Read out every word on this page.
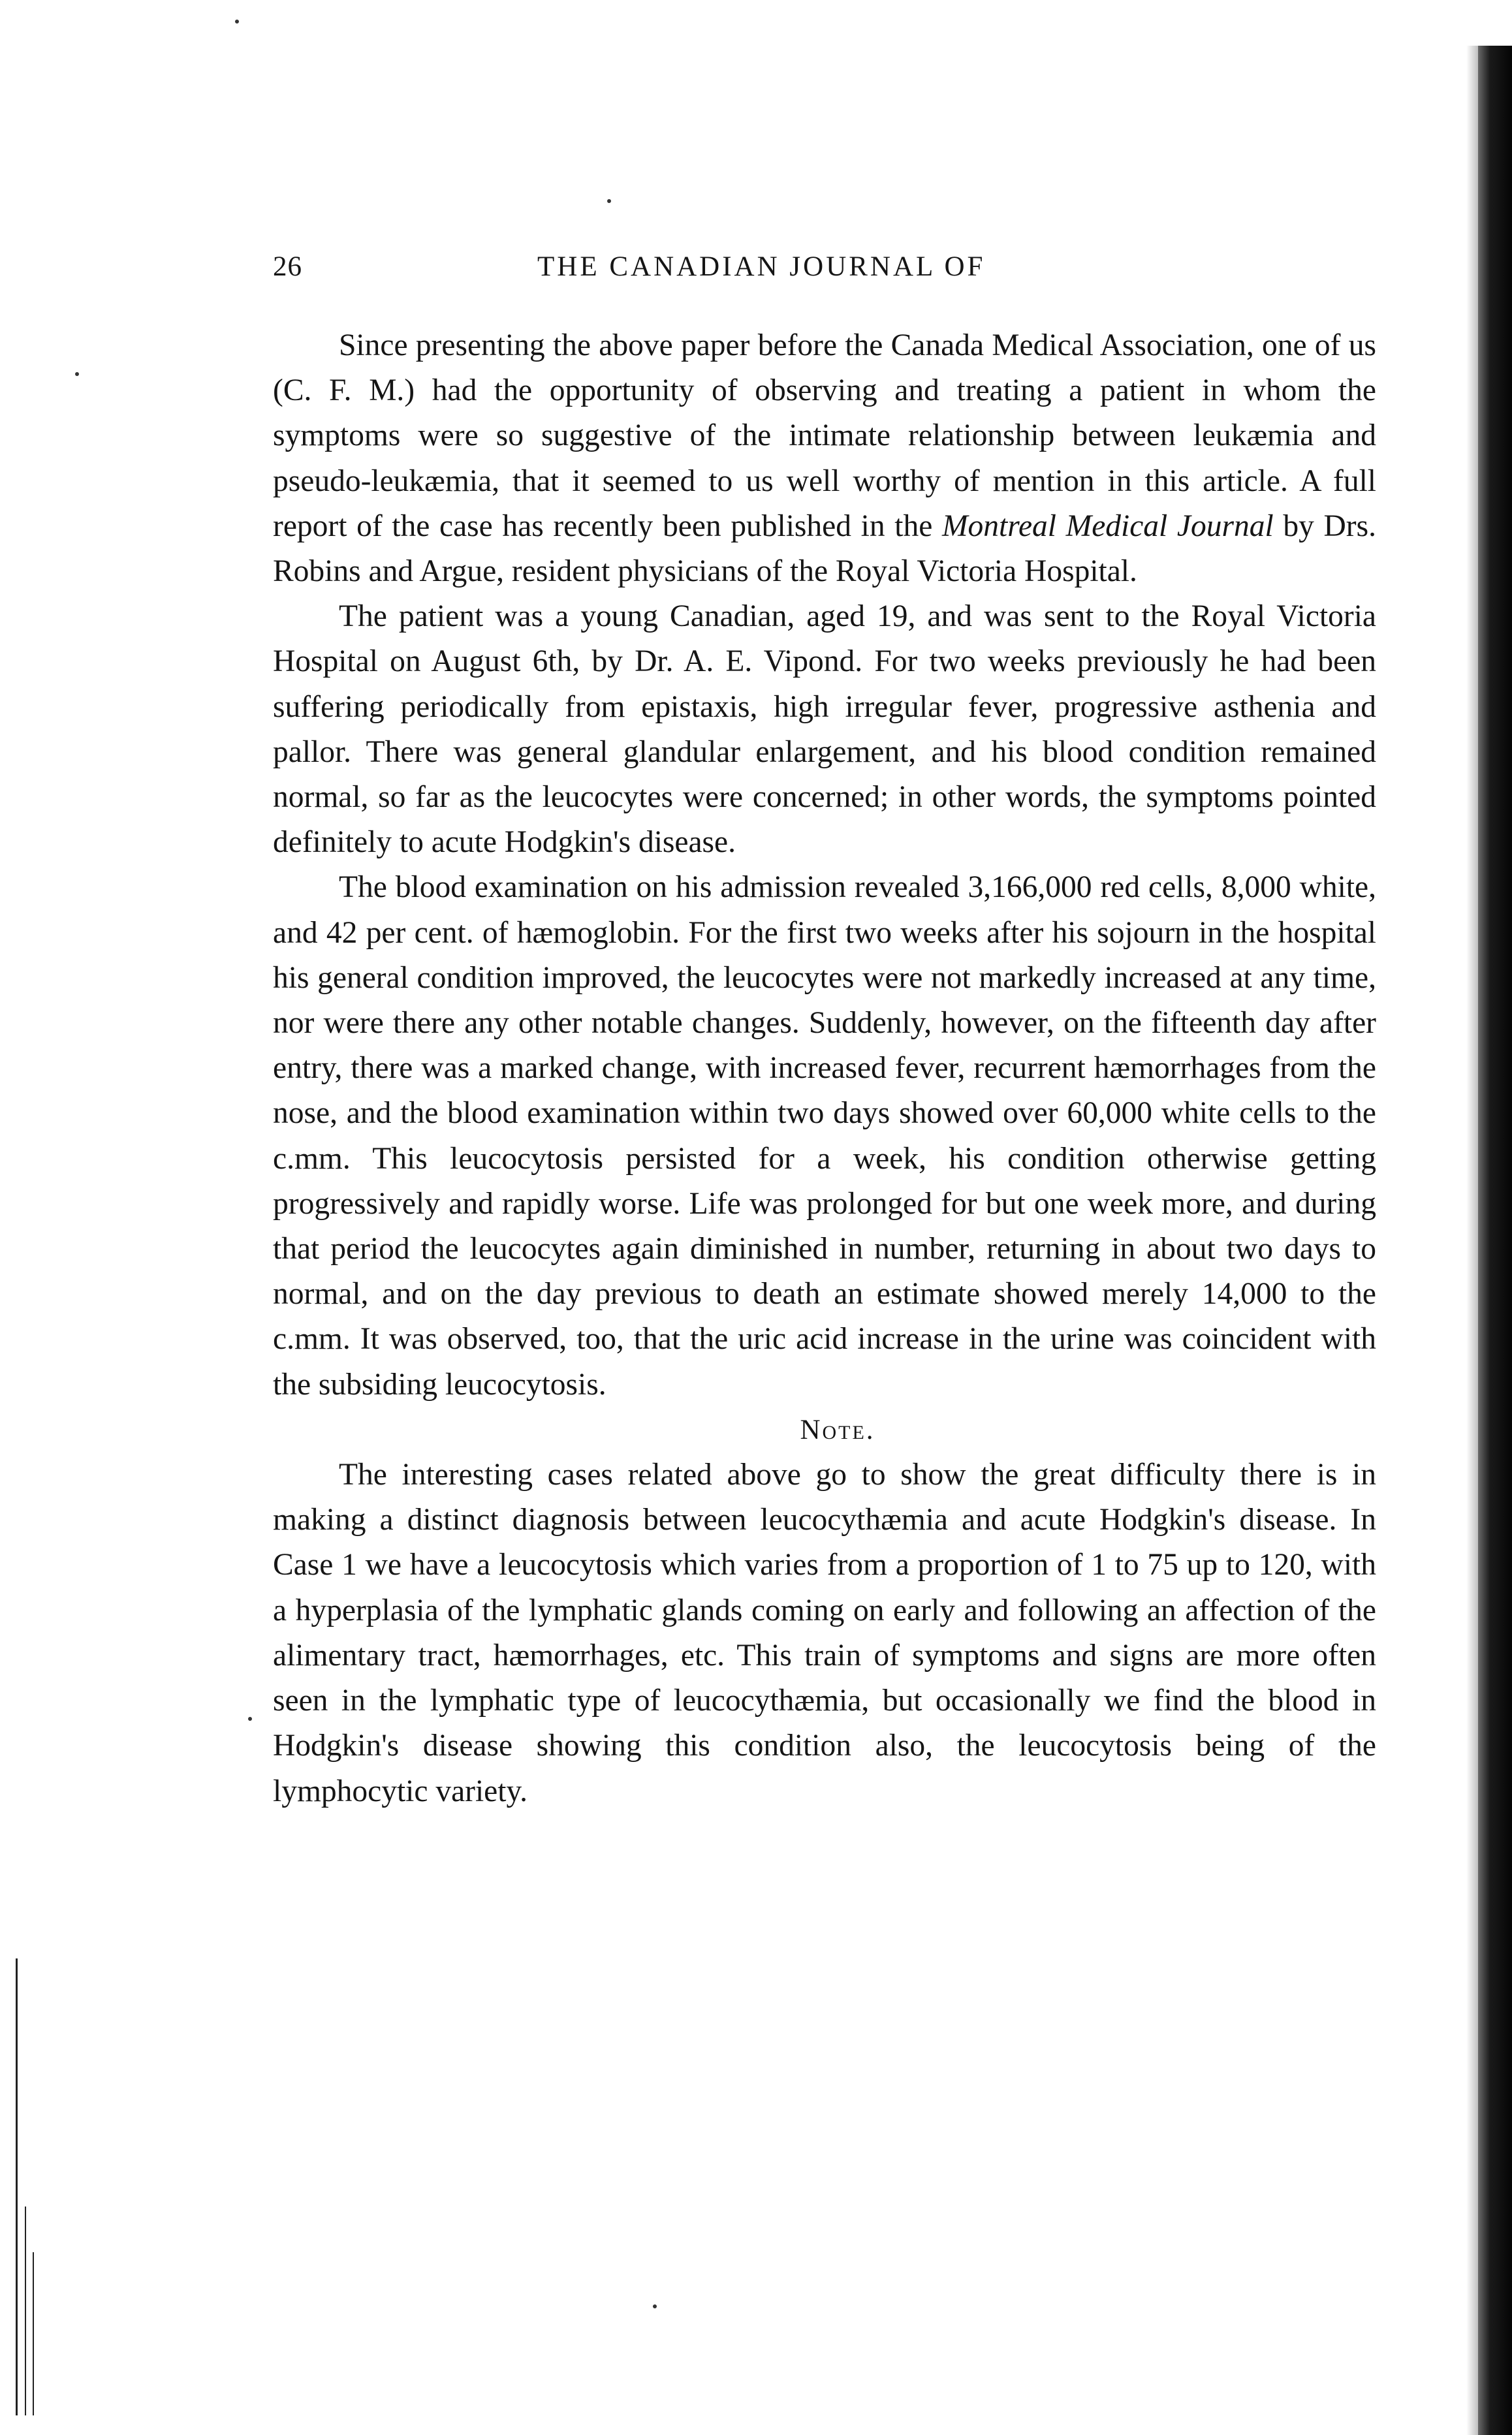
26	THE CANADIAN JOURNAL OF

Since presenting the above paper before the Canada Medical Association, one of us (C. F. M.) had the opportunity of observing and treating a patient in whom the symptoms were so suggestive of the intimate relationship between leukæmia and pseudo-leukæmia, that it seemed to us well worthy of mention in this article. A full report of the case has recently been published in the Montreal Medical Journal by Drs. Robins and Argue, resident physicians of the Royal Victoria Hospital.

The patient was a young Canadian, aged 19, and was sent to the Royal Victoria Hospital on August 6th, by Dr. A. E. Vipond. For two weeks previously he had been suffering periodically from epistaxis, high irregular fever, progressive asthenia and pallor. There was general glandular enlargement, and his blood condition remained normal, so far as the leucocytes were concerned; in other words, the symptoms pointed definitely to acute Hodgkin's disease.

The blood examination on his admission revealed 3,166,000 red cells, 8,000 white, and 42 per cent. of hæmoglobin. For the first two weeks after his sojourn in the hospital his general condition improved, the leucocytes were not markedly increased at any time, nor were there any other notable changes. Suddenly, however, on the fifteenth day after entry, there was a marked change, with increased fever, recurrent hæmorrhages from the nose, and the blood examination within two days showed over 60,000 white cells to the c.mm. This leucocytosis persisted for a week, his condition otherwise getting progressively and rapidly worse. Life was prolonged for but one week more, and during that period the leucocytes again diminished in number, returning in about two days to normal, and on the day previous to death an estimate showed merely 14,000 to the c.mm. It was observed, too, that the uric acid increase in the urine was coincident with the subsiding leucocytosis.

Note.

The interesting cases related above go to show the great difficulty there is in making a distinct diagnosis between leucocythæmia and acute Hodgkin's disease. In Case 1 we have a leucocytosis which varies from a proportion of 1 to 75 up to 120, with a hyperplasia of the lymphatic glands coming on early and following an affection of the alimentary tract, hæmorrhages, etc. This train of symptoms and signs are more often seen in the lymphatic type of leucocythæmia, but occasionally we find the blood in Hodgkin's disease showing this condition also, the leucocytosis being of the lymphocytic variety.
